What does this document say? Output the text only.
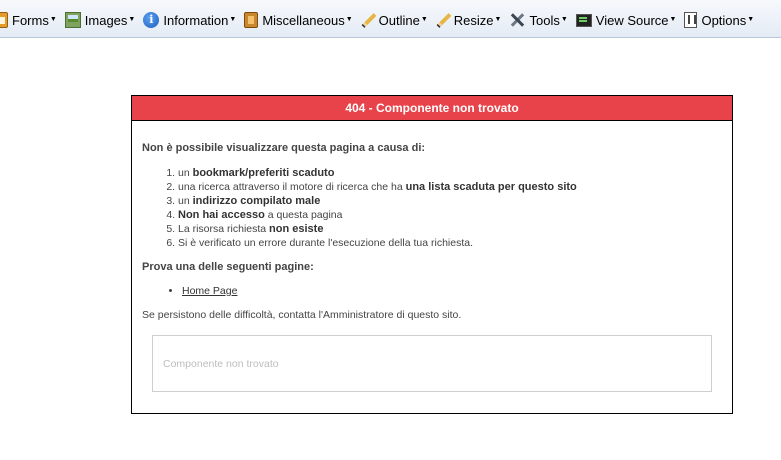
Forms ▼ Images ▼	i Information ▼ Miscellaneous ▼ Outline ▼ Resize ▼ Tools ▼ View Source ▼ Options ▼
404 - Componente non trovato
Non è possibile visualizzare questa pagina a causa di:
1. un bookmark/preferiti scaduto
2. una ricerca attraverso il motore di ricerca che ha una lista scaduta per questo sito
3. un indirizzo compilato male
4. Non hai accesso a questa pagina
5. La risorsa richiesta non esiste
6. Si è verificato un errore durante l'esecuzione della tua richiesta.
Prova una delle seguenti pagine:
• Home Page
Se persistono delle difficoltà, contatta l'Amministratore di questo sito.
Componente non trovato
